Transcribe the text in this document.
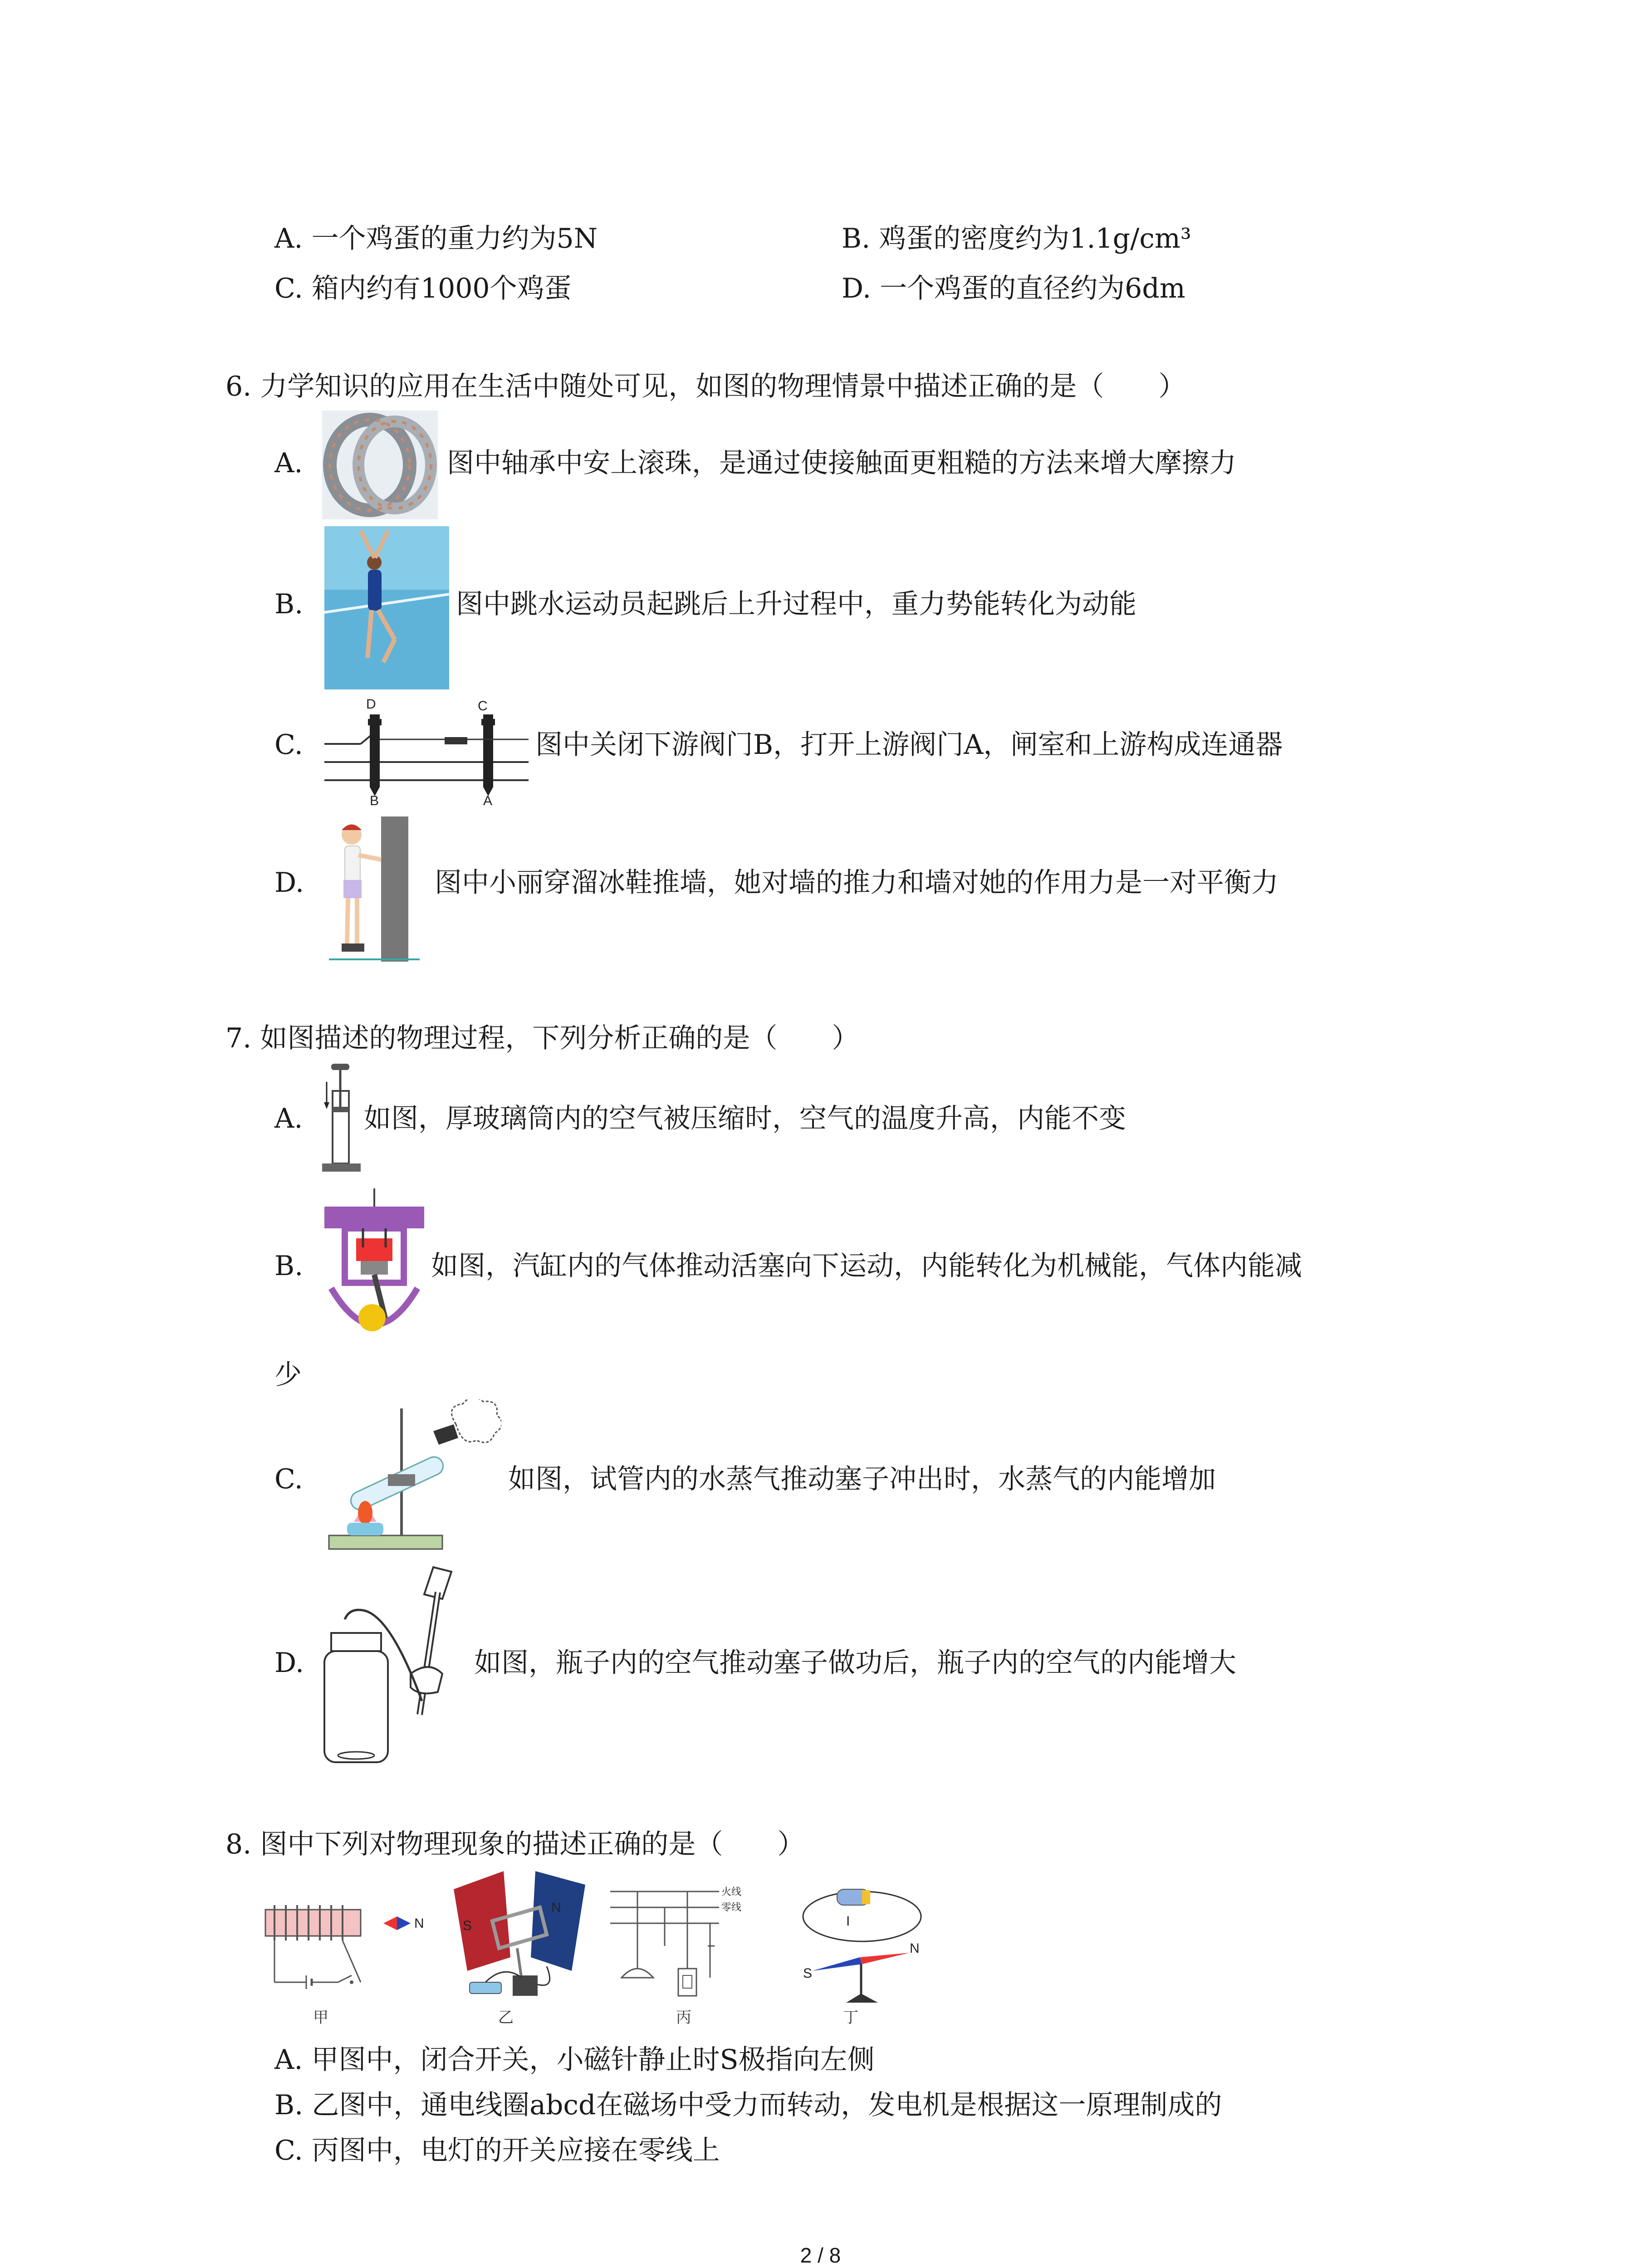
A. 一个鸡蛋的重力约为5N	B. 鸡蛋的密度约为1.1g/cm³
C. 箱内约有1000个鸡蛋	D. 一个鸡蛋的直径约为6dm
6. 力学知识的应用在生活中随处可见，如图的物理情景中描述正确的是（　　）
A.	图中轴承中安上滚珠，是通过使接触面更粗糙的方法来增大摩擦力
B.	图中跳水运动员起跳后上升过程中，重力势能转化为动能
C.
D	C
B	A
图中关闭下游阀门B，打开上游阀门A，闸室和上游构成连通器
D.	图中小丽穿溜冰鞋推墙，她对墙的推力和墙对她的作用力是一对平衡力
7. 如图描述的物理过程，下列分析正确的是（　　）
A. 如图，厚玻璃筒内的空气被压缩时，空气的温度升高，内能不变
B.	如图，汽缸内的气体推动活塞向下运动，内能转化为机械能，气体内能减
少
C.	如图，试管内的水蒸气推动塞子冲出时，水蒸气的内能增加
D.	如图，瓶子内的空气推动塞子做功后，瓶子内的空气的内能增大
8. 图中下列对物理现象的描述正确的是（　　）
N
甲
S
N
乙
火线
零线
丙
I
S
N
丁
A. 甲图中，闭合开关，小磁针静止时S极指向左侧
B. 乙图中，通电线圈abcd在磁场中受力而转动，发电机是根据这一原理制成的
C. 丙图中，电灯的开关应接在零线上
2 / 8
